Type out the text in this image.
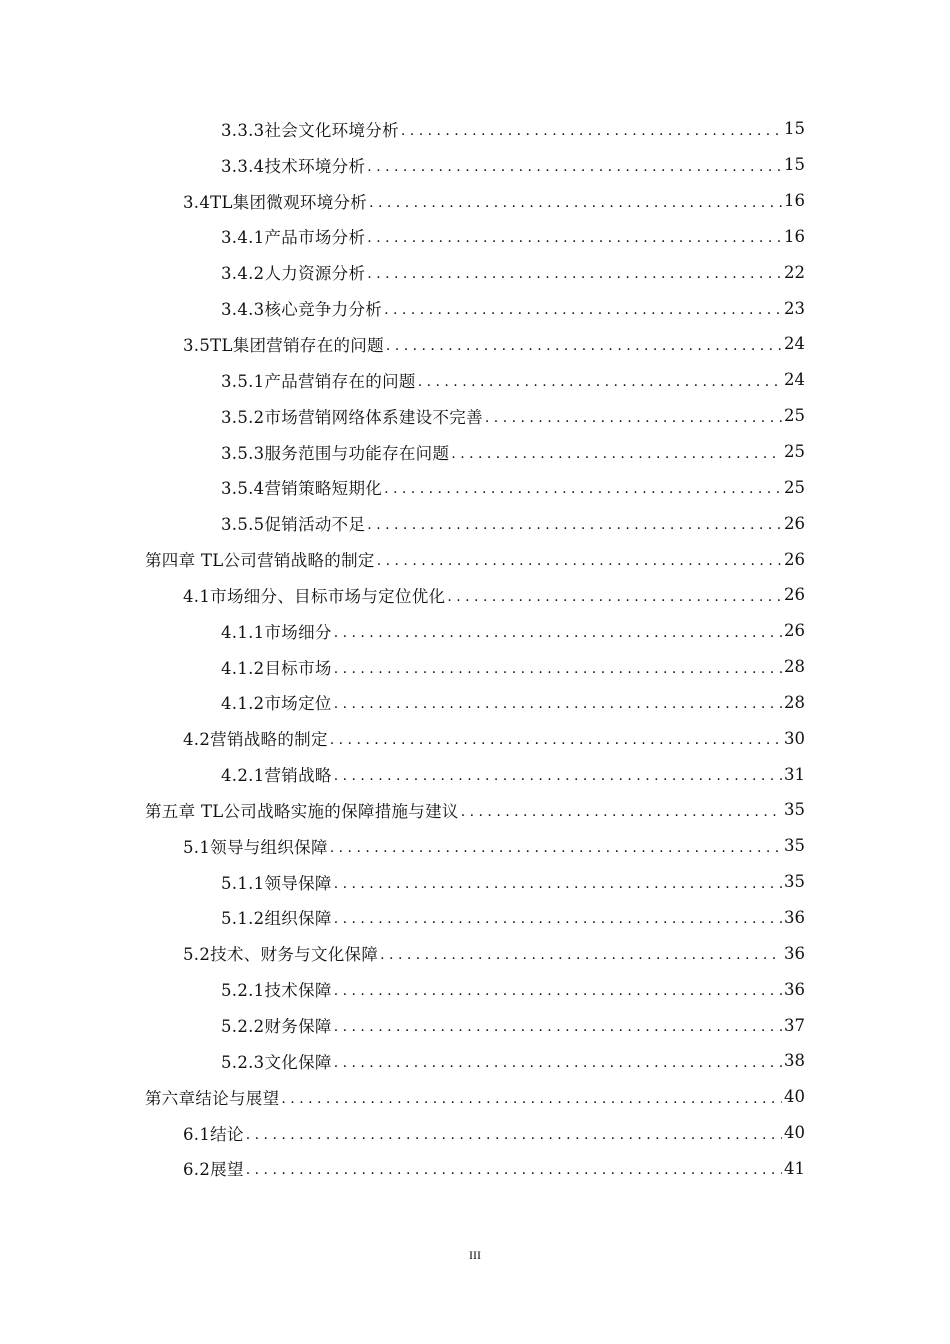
3.3.3社会文化环境分析 . . .	15
3.3.4技术环境分析 . . .	15
3.4TL集团微观环境分析 . . .	16
3.4.1产品市场分析 . . .	16
3.4.2人力资源分析 . . .	22
3.4.3核心竞争力分析 . . .	23
3.5TL集团营销存在的问题 . . .	24
3.5.1产品营销存在的问题 . . .	24
3.5.2市场营销网络体系建设不完善 . . .	25
3.5.3服务范围与功能存在问题 . . .	25
3.5.4营销策略短期化 . . .	25
3.5.5促销活动不足 . . .	26
第四章 TL公司营销战略的制定 . . .	26
4.1市场细分、目标市场与定位优化 . . .	26
4.1.1市场细分 . . .	26
4.1.2目标市场 . . .	28
4.1.2市场定位 . . .	28
4.2营销战略的制定 . . .	30
4.2.1营销战略 . . .	31
第五章 TL公司战略实施的保障措施与建议 . . .	35
5.1领导与组织保障 . . .	35
5.1.1领导保障 . . .	35
5.1.2组织保障 . . .	36
5.2技术、财务与文化保障 . . .	36
5.2.1技术保障 . . .	36
5.2.2财务保障 . . .	37
5.2.3文化保障 . . .	38
第六章结论与展望 . . .	40
6.1结论 . . .	40
6.2展望 . . .	41
III
